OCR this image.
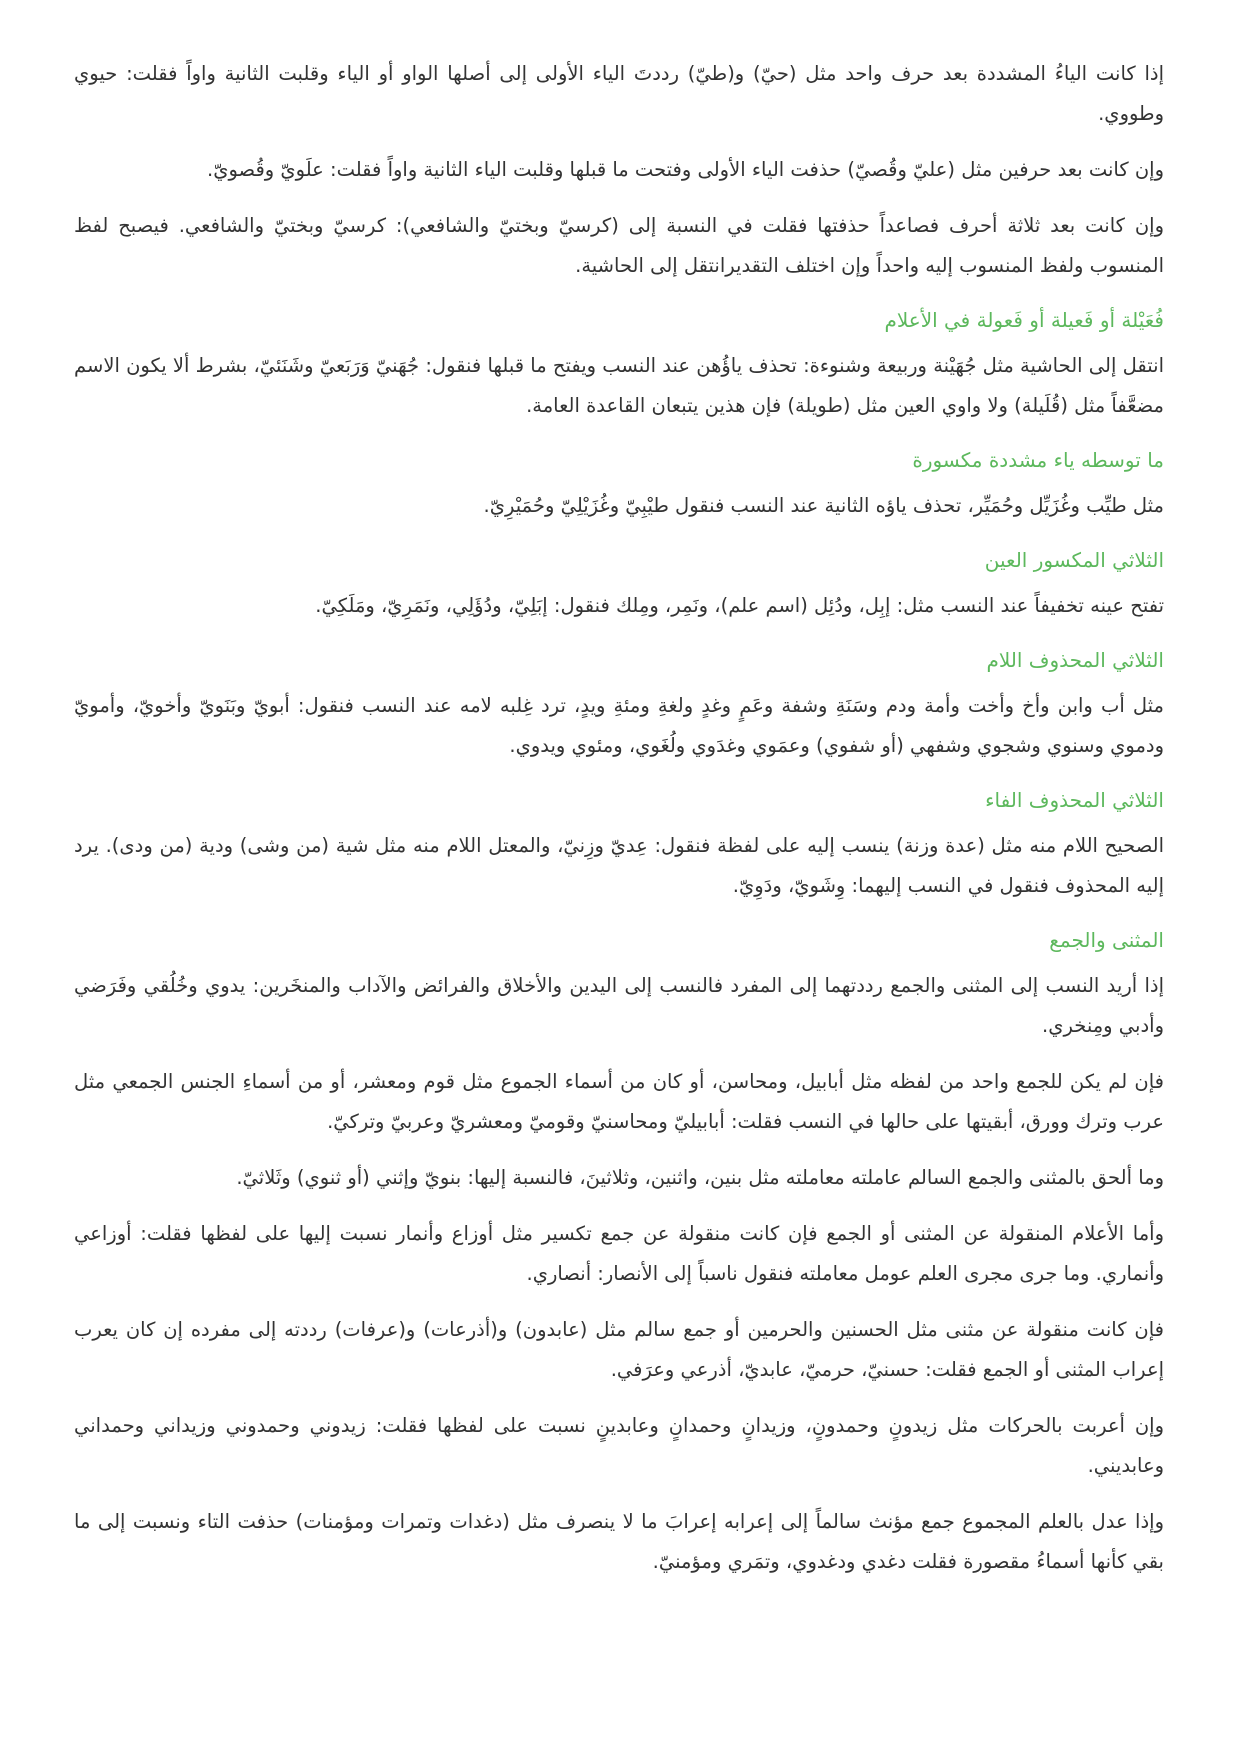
إذا كانت الياءُ المشددة بعد حرف واحد مثل (حيّ) و(طيّ) رددتَ الياء الأولى إلى أصلها الواو أو الياء وقلبت الثانية واواً فقلت: حيوي وطووي.

وإن كانت بعد حرفين مثل (عليّ وقُصيّ) حذفت الياء الأولى وفتحت ما قبلها وقلبت الياء الثانية واواً فقلت: علَويّ وقُصويّ.

وإن كانت بعد ثلاثة أحرف فصاعداً حذفتها فقلت في النسبة إلى (كرسيّ وبختيّ والشافعي): كرسيّ وبختيّ والشافعي. فيصبح لفظ المنسوب ولفظ المنسوب إليه واحداً وإن اختلف التقديرانتقل إلى الحاشية.

فُعَيْلة أو فَعيلة أو فَعولة في الأعلام

انتقل إلى الحاشية مثل جُهَيْنة وربيعة وشنوءة: تحذف ياؤُهن عند النسب ويفتح ما قبلها فنقول: جُهَنيّ وَرَبَعيّ وشَنَئيّ، بشرط ألا يكون الاسم مضعَّفاً مثل (قُلَيلة) ولا واوي العين مثل (طويلة) فإن هذين يتبعان القاعدة العامة.

ما توسطه ياء مشددة مكسورة

مثل طيِّب وغُزَيِّل وحُمَيِّر، تحذف ياؤه الثانية عند النسب فنقول طيْبِيّ وغُزَيْلِيّ وحُمَيْرِيّ.

الثلاثي المكسور العين

تفتح عينه تخفيفاً عند النسب مثل: إبِل، ودُئِل (اسم علم)، ونَمِر، ومِلك فنقول: إبَلِيّ، ودُؤَلِي، ونَمَرِيّ، ومَلَكِيّ.

الثلاثي المحذوف اللام

مثل أب وابن وأخ وأخت وأمة ودم وسَنَةِ وشفة وعَمٍ وغدٍ ولغةِ ومئةِ ويدٍ، ترد غِلبه لامه عند النسب فنقول: أبويّ وبَنَويّ وأخويّ، وأمويّ ودموي وسنوي وشجوي وشفهي (أو شفوي) وعمَوي وغدَوي ولُغَوي، ومئوي ويدوي.

الثلاثي المحذوف الفاء

الصحيح اللام منه مثل (عدة وزنة) ينسب إليه على لفظة فنقول: عِديّ وزِنيّ، والمعتل اللام منه مثل شية (من وشى) ودية (من ودى). يرد إليه المحذوف فنقول في النسب إليهما: وِشَويّ، ودَوِيّ.

المثنى والجمع

إذا أريد النسب إلى المثنى والجمع رددتهما إلى المفرد فالنسب إلى اليدين والأخلاق والفرائض والآداب والمنخَرين: يدوي وخُلُقي وفَرَضي وأدبي ومِنخري.

فإن لم يكن للجمع واحد من لفظه مثل أبابيل، ومحاسن، أو كان من أسماء الجموع مثل قوم ومعشر، أو من أسماءِ الجنس الجمعي مثل عرب وترك وورق، أبقيتها على حالها في النسب فقلت: أبابيليّ ومحاسنيّ وقوميّ ومعشريّ وعربيّ وتركيّ.

وما ألحق بالمثنى والجمع السالم عاملته معاملته مثل بنين، واثنين، وثلاثينَ، فالنسبة إليها: بنويّ وإثني (أو ثنوي) وثَلاثيّ.

وأما الأعلام المنقولة عن المثنى أو الجمع فإن كانت منقولة عن جمع تكسير مثل أوزاع وأنمار نسبت إليها على لفظها فقلت: أوزاعي وأنماري. وما جرى مجرى العلم عومل معاملته فنقول ناسباً إلى الأنصار: أنصاري.

فإن كانت منقولة عن مثنى مثل الحسنين والحرمين أو جمع سالم مثل (عابدون) و(أذرعات) و(عرفات) رددته إلى مفرده إن كان يعرب إعراب المثنى أو الجمع فقلت: حسنيّ، حرميّ، عابديّ، أذرعي وعرَفي.

وإن أعربت بالحركات مثل زيدونٍ وحمدونٍ، وزيدانٍ وحمدانٍ وعابدينٍ نسبت على لفظها فقلت: زيدوني وحمدوني وزيداني وحمداني وعابديني.

وإذا عدل بالعلم المجموع جمع مؤنث سالماً إلى إعرابه إعرابَ ما لا ينصرف مثل (دغدات وتمرات ومؤمنات) حذفت التاء ونسبت إلى ما بقي كأنها أسماءُ مقصورة فقلت دغدي ودغدوي، وتمَري ومؤمنيّ.
